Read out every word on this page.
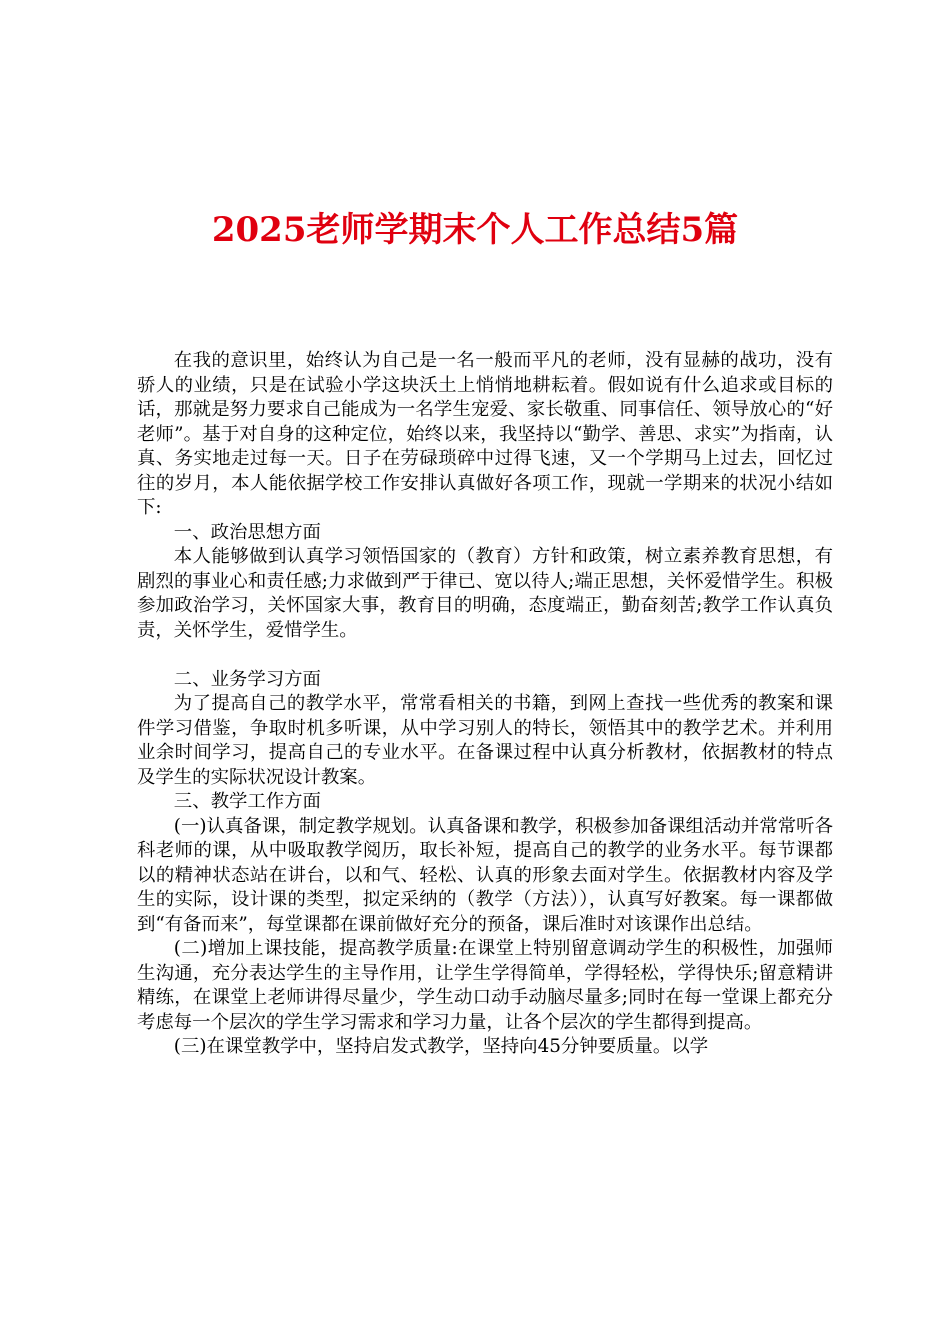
2025老师学期末个人工作总结5篇

在我的意识里，始终认为自己是一名一般而平凡的老师，没有显赫的战功，没有骄人的业绩，只是在试验小学这块沃土上悄悄地耕耘着。假如说有什么追求或目标的话，那就是努力要求自己能成为一名学生宠爱、家长敬重、同事信任、领导放心的“好老师”。基于对自身的这种定位，始终以来，我坚持以“勤学、善思、求实”为指南，认真、务实地走过每一天。日子在劳碌琐碎中过得飞速，又一个学期马上过去，回忆过往的岁月，本人能依据学校工作安排认真做好各项工作，现就一学期来的状况小结如下:

一、政治思想方面

本人能够做到认真学习领悟国家的（教育）方针和政策，树立素养教育思想，有剧烈的事业心和责任感;力求做到严于律已、宽以待人;端正思想，关怀爱惜学生。积极参加政治学习，关怀国家大事，教育目的明确，态度端正，勤奋刻苦;教学工作认真负责，关怀学生，爱惜学生。

二、业务学习方面

为了提高自己的教学水平，常常看相关的书籍，到网上查找一些优秀的教案和课件学习借鉴，争取时机多听课，从中学习别人的特长，领悟其中的教学艺术。并利用业余时间学习，提高自己的专业水平。在备课过程中认真分析教材，依据教材的特点及学生的实际状况设计教案。

三、教学工作方面

(一)认真备课，制定教学规划。认真备课和教学，积极参加备课组活动并常常听各科老师的课，从中吸取教学阅历，取长补短，提高自己的教学的业务水平。每节课都以的精神状态站在讲台，以和气、轻松、认真的形象去面对学生。依据教材内容及学生的实际，设计课的类型，拟定采纳的（教学（方法）），认真写好教案。每一课都做到“有备而来”，每堂课都在课前做好充分的预备，课后准时对该课作出总结。

(二)增加上课技能，提高教学质量:在课堂上特别留意调动学生的积极性，加强师生沟通，充分表达学生的主导作用，让学生学得简单，学得轻松，学得快乐;留意精讲精练，在课堂上老师讲得尽量少，学生动口动手动脑尽量多;同时在每一堂课上都充分考虑每一个层次的学生学习需求和学习力量，让各个层次的学生都得到提高。

(三)在课堂教学中，坚持启发式教学，坚持向45分钟要质量。以学
